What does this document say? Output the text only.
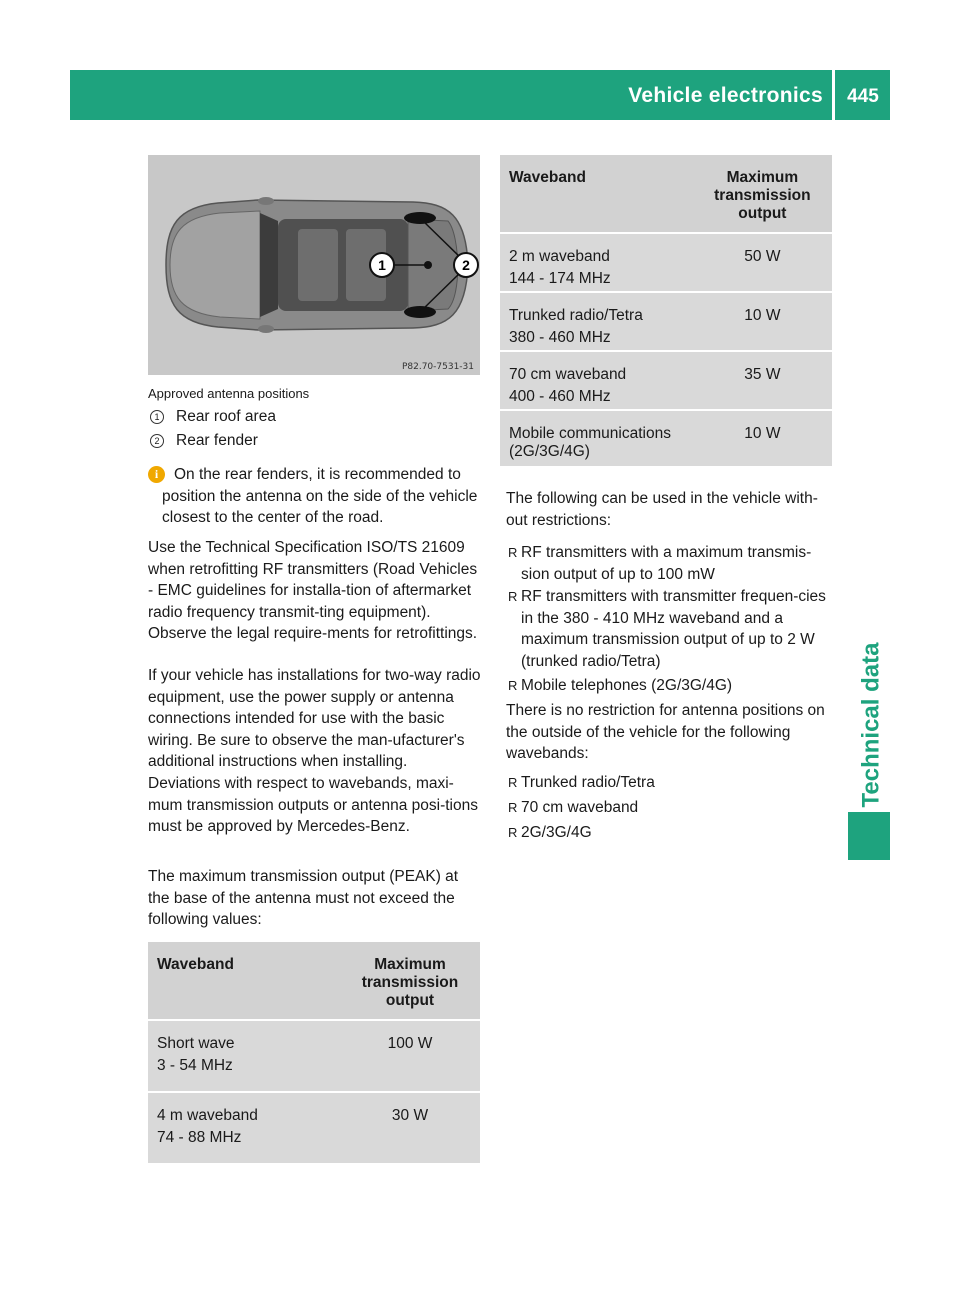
Vehicle electronics	445
Technical data
1	2
P82.70-7531-31
Approved antenna positions
1 Rear roof area
2 Rear fender
i	On the rear fenders, it is recommended to position the antenna on the side of the vehicle closest to the center of the road.

Use the Technical Specification ISO/TS 21609 when retrofitting RF transmitters (Road Vehicles - EMC guidelines for installa-tion of aftermarket radio frequency transmit-ting equipment). Observe the legal require-ments for retrofittings.

If your vehicle has installations for two-way radio equipment, use the power supply or antenna connections intended for use with the basic wiring. Be sure to observe the man-ufacturer's additional instructions when installing.

Deviations with respect to wavebands, maxi-mum transmission outputs or antenna posi-tions must be approved by Mercedes-Benz.

The maximum transmission output (PEAK) at the base of the antenna must not exceed the following values:

Waveband	Maximum transmission output

Short wave
3 - 54 MHz	100 W

4 m waveband
74 - 88 MHz	30 W
Waveband	Maximum transmission output

2 m waveband
144 - 174 MHz	50 W

Trunked radio/Tetra
380 - 460 MHz	10 W

70 cm waveband
400 - 460 MHz	35 W

Mobile communications (2G/3G/4G)	10 W

The following can be used in the vehicle with-out restrictions:

R RF transmitters with a maximum transmis-sion output of up to 100 mW
R RF transmitters with transmitter frequen-cies in the 380 - 410 MHz waveband and a maximum transmission output of up to 2 W (trunked radio/Tetra)
R Mobile telephones (2G/3G/4G)

There is no restriction for antenna positions on the outside of the vehicle for the following wavebands:

R Trunked radio/Tetra
R 70 cm waveband
R 2G/3G/4G
